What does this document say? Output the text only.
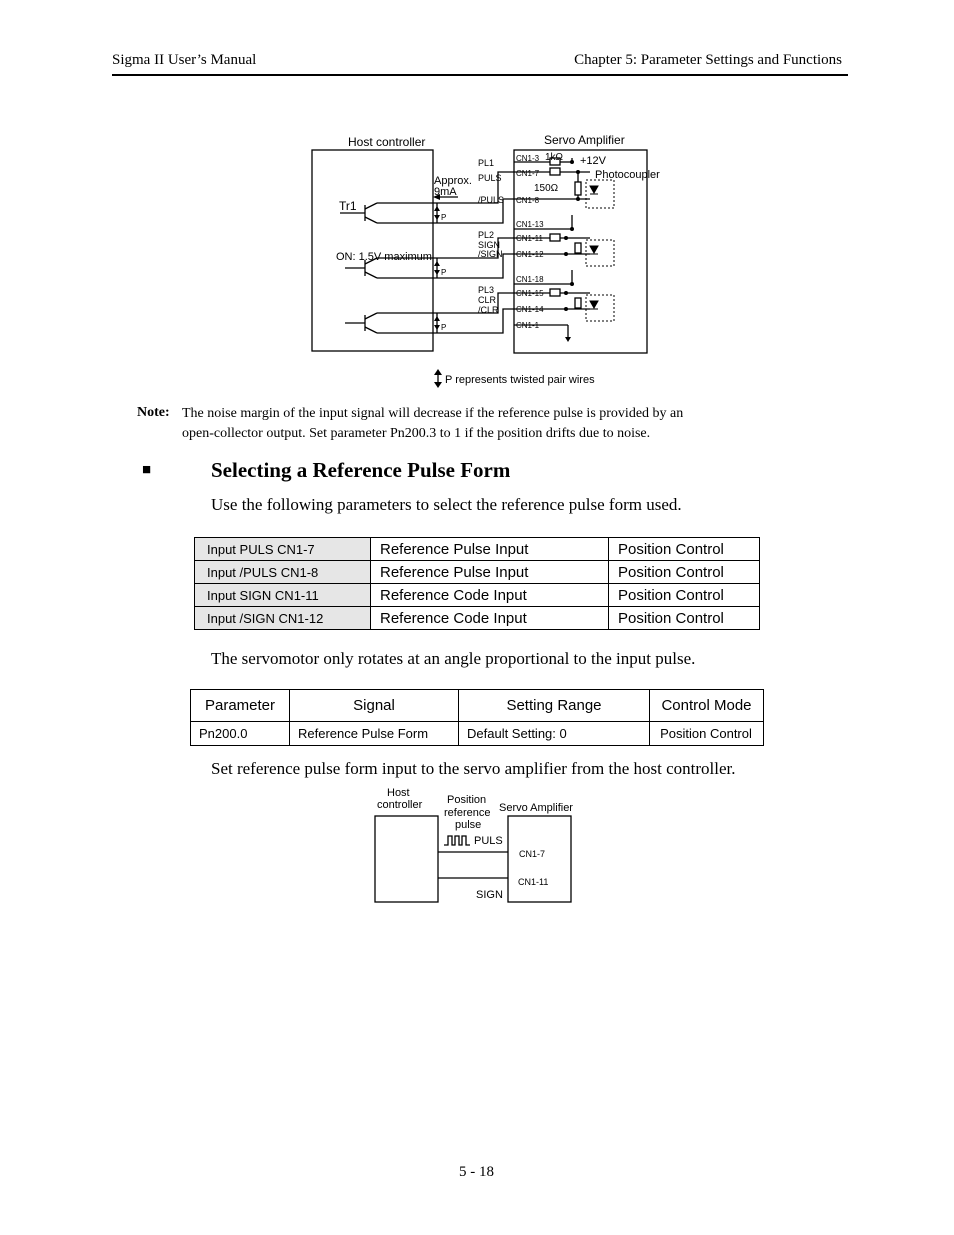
Sigma II User’s Manual	Chapter 5: Parameter Settings and Functions
Host controller	Servo Amplifier
Tr1
ON: 1.5V maximum
Approx.
9mA
PL1
PULS
/PULS
PL2
SIGN
/SIGN
PL3
CLR
/CLR
CN1-3
CN1-7
CN1-8
CN1-13
CN1-11
CN1-12
CN1-18
CN1-15
CN1-14
CN1-1
1kΩ
150Ω
+12V
Photocoupler
P
P
P
P represents twisted pair wires
Note: The noise margin of the input signal will decrease if the reference pulse is provided by an
open-collector output. Set parameter Pn200.3 to 1 if the position drifts due to noise.
■	Selecting a Reference Pulse Form
Use the following parameters to select the reference pulse form used.
Input PULS CN1-7	Reference Pulse Input	Position Control
Input /PULS CN1-8	Reference Pulse Input	Position Control
Input SIGN CN1-11	Reference Code Input	Position Control
Input /SIGN CN1-12	Reference Code Input	Position Control
The servomotor only rotates at an angle proportional to the input pulse.
Parameter	Signal	Setting Range	Control Mode
Pn200.0	Reference Pulse Form	Default Setting: 0	Position Control
Set reference pulse form input to the servo amplifier from the host controller.
Host
controller Position
reference
pulse
Servo Amplifier
PULS
SIGN
CN1-7
CN1-11
5 - 18
